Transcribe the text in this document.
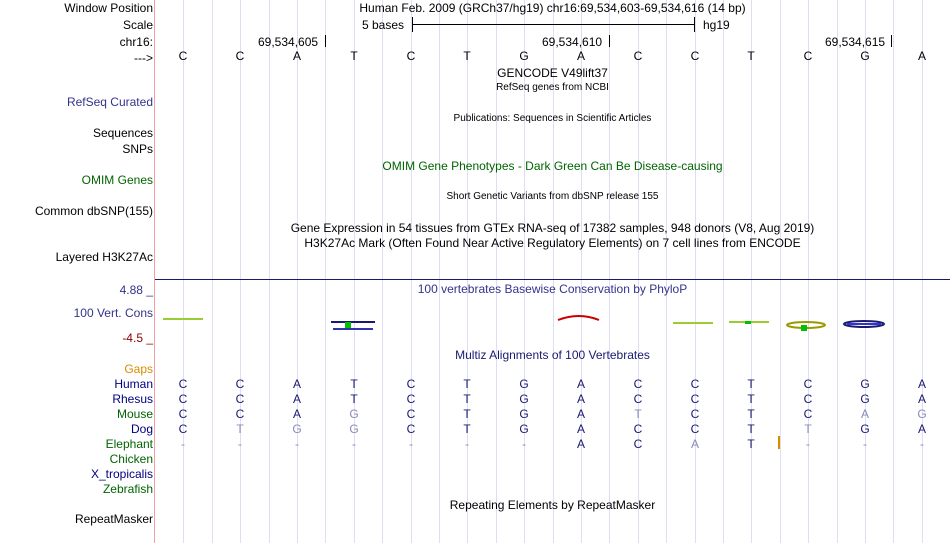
Window Position	Human Feb. 2009 (GRCh37/hg19) chr16:69,534,603-69,534,616 (14 bp)
Scale	5 bases	hg19
chr16:	69,534,605	69,534,610	69,534,615
---> C	C	A	T	C	T	G	A	C	C	T	C	G	A
GENCODE V49lift37
RefSeq genes from NCBI
RefSeq Curated
Publications: Sequences in Scientific Articles
Sequences
SNPs
OMIM Gene Phenotypes - Dark Green Can Be Disease-causing
OMIM Genes
Short Genetic Variants from dbSNP release 155
Common dbSNP(155)
Gene Expression in 54 tissues from GTEx RNA-seq of 17382 samples, 948 donors (V8, Aug 2019)
H3K27Ac Mark (Often Found Near Active Regulatory Elements) on 7 cell lines from ENCODE
Layered H3K27Ac
4.88 _	100 vertebrates Basewise Conservation by PhyloP
100 Vert. Cons
-4.5 _
Multiz Alignments of 100 Vertebrates
Gaps
Human C	C	A	T	C	T	G	A	C	C	T	C	G	A
Rhesus C	C	A	T	C	T	G	A	C	C	T	C	G	A
Mouse C	C	A	G	C	T	G	A	T	C	T	C	A	G
Dog C	T	G	G	C	T	G	A	C	C	T	T	G	A
Elephant	-	-	-	-	-	-	-	A	C	A	T	-	-	-
Chicken
X_tropicalis
Zebrafish
Repeating Elements by RepeatMasker
RepeatMasker
